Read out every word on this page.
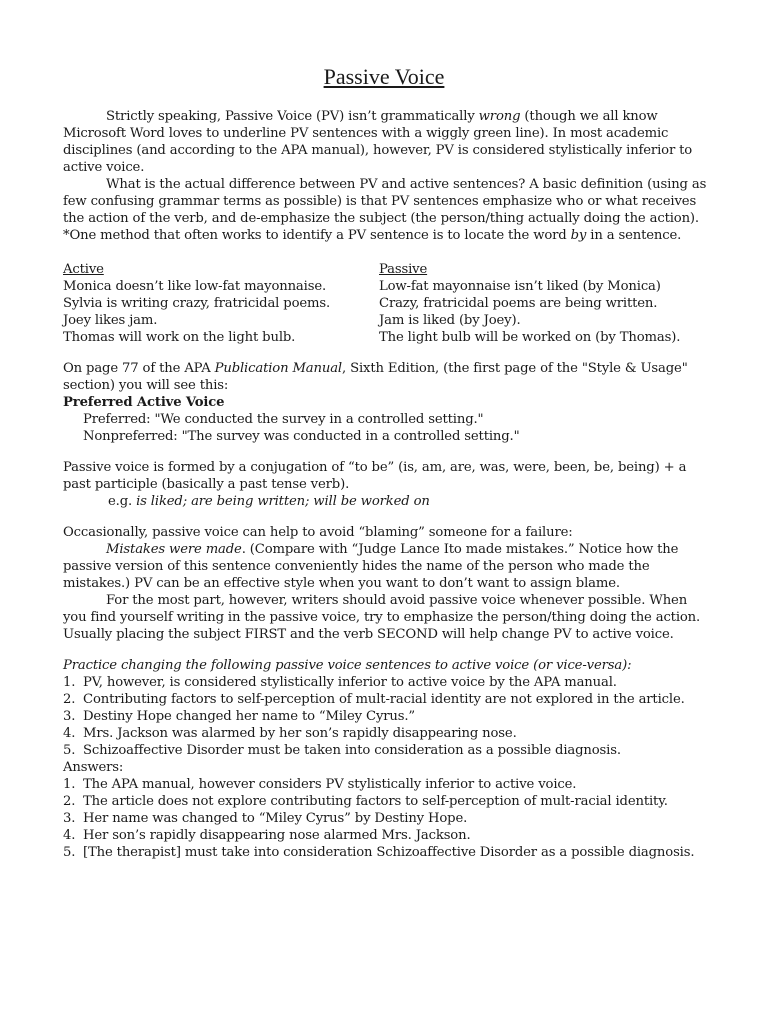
Passive Voice

Strictly speaking, Passive Voice (PV) isn’t grammatically wrong (though we all know Microsoft Word loves to underline PV sentences with a wiggly green line). In most academic disciplines (and according to the APA manual), however, PV is considered stylistically inferior to active voice.

What is the actual difference between PV and active sentences? A basic definition (using as few confusing grammar terms as possible) is that PV sentences emphasize who or what receives the action of the verb, and de-emphasize the subject (the person/thing actually doing the action). *One method that often works to identify a PV sentence is to locate the word by in a sentence.

Active
Monica doesn’t like low-fat mayonnaise.
Sylvia is writing crazy, fratricidal poems.
Joey likes jam.
Thomas will work on the light bulb.
Passive
Low-fat mayonnaise isn’t liked (by Monica)
Crazy, fratricidal poems are being written.
Jam is liked (by Joey).
The light bulb will be worked on (by Thomas).

On page 77 of the APA Publication Manual, Sixth Edition, (the first page of the "Style & Usage" section) you will see this:

Preferred Active Voice

Preferred: "We conducted the survey in a controlled setting."

Nonpreferred: "The survey was conducted in a controlled setting."

Passive voice is formed by a conjugation of “to be” (is, am, are, was, were, been, be, being) + a past participle (basically a past tense verb).

e.g. is liked; are being written; will be worked on

Occasionally, passive voice can help to avoid “blaming” someone for a failure:

Mistakes were made. (Compare with “Judge Lance Ito made mistakes.” Notice how the passive version of this sentence conveniently hides the name of the person who made the mistakes.) PV can be an effective style when you want to don’t want to assign blame.

For the most part, however, writers should avoid passive voice whenever possible. When you find yourself writing in the passive voice, try to emphasize the person/thing doing the action. Usually placing the subject FIRST and the verb SECOND will help change PV to active voice.

Practice changing the following passive voice sentences to active voice (or vice-versa):

1. PV, however, is considered stylistically inferior to active voice by the APA manual.
2. Contributing factors to self-perception of mult-racial identity are not explored in the article.
3. Destiny Hope changed her name to “Miley Cyrus.”
4. Mrs. Jackson was alarmed by her son’s rapidly disappearing nose.
5. Schizoaffective Disorder must be taken into consideration as a possible diagnosis.

Answers:

1. The APA manual, however considers PV stylistically inferior to active voice.
2. The article does not explore contributing factors to self-perception of mult-racial identity.
3. Her name was changed to “Miley Cyrus” by Destiny Hope.
4. Her son’s rapidly disappearing nose alarmed Mrs. Jackson.
5. [The therapist] must take into consideration Schizoaffective Disorder as a possible diagnosis.
